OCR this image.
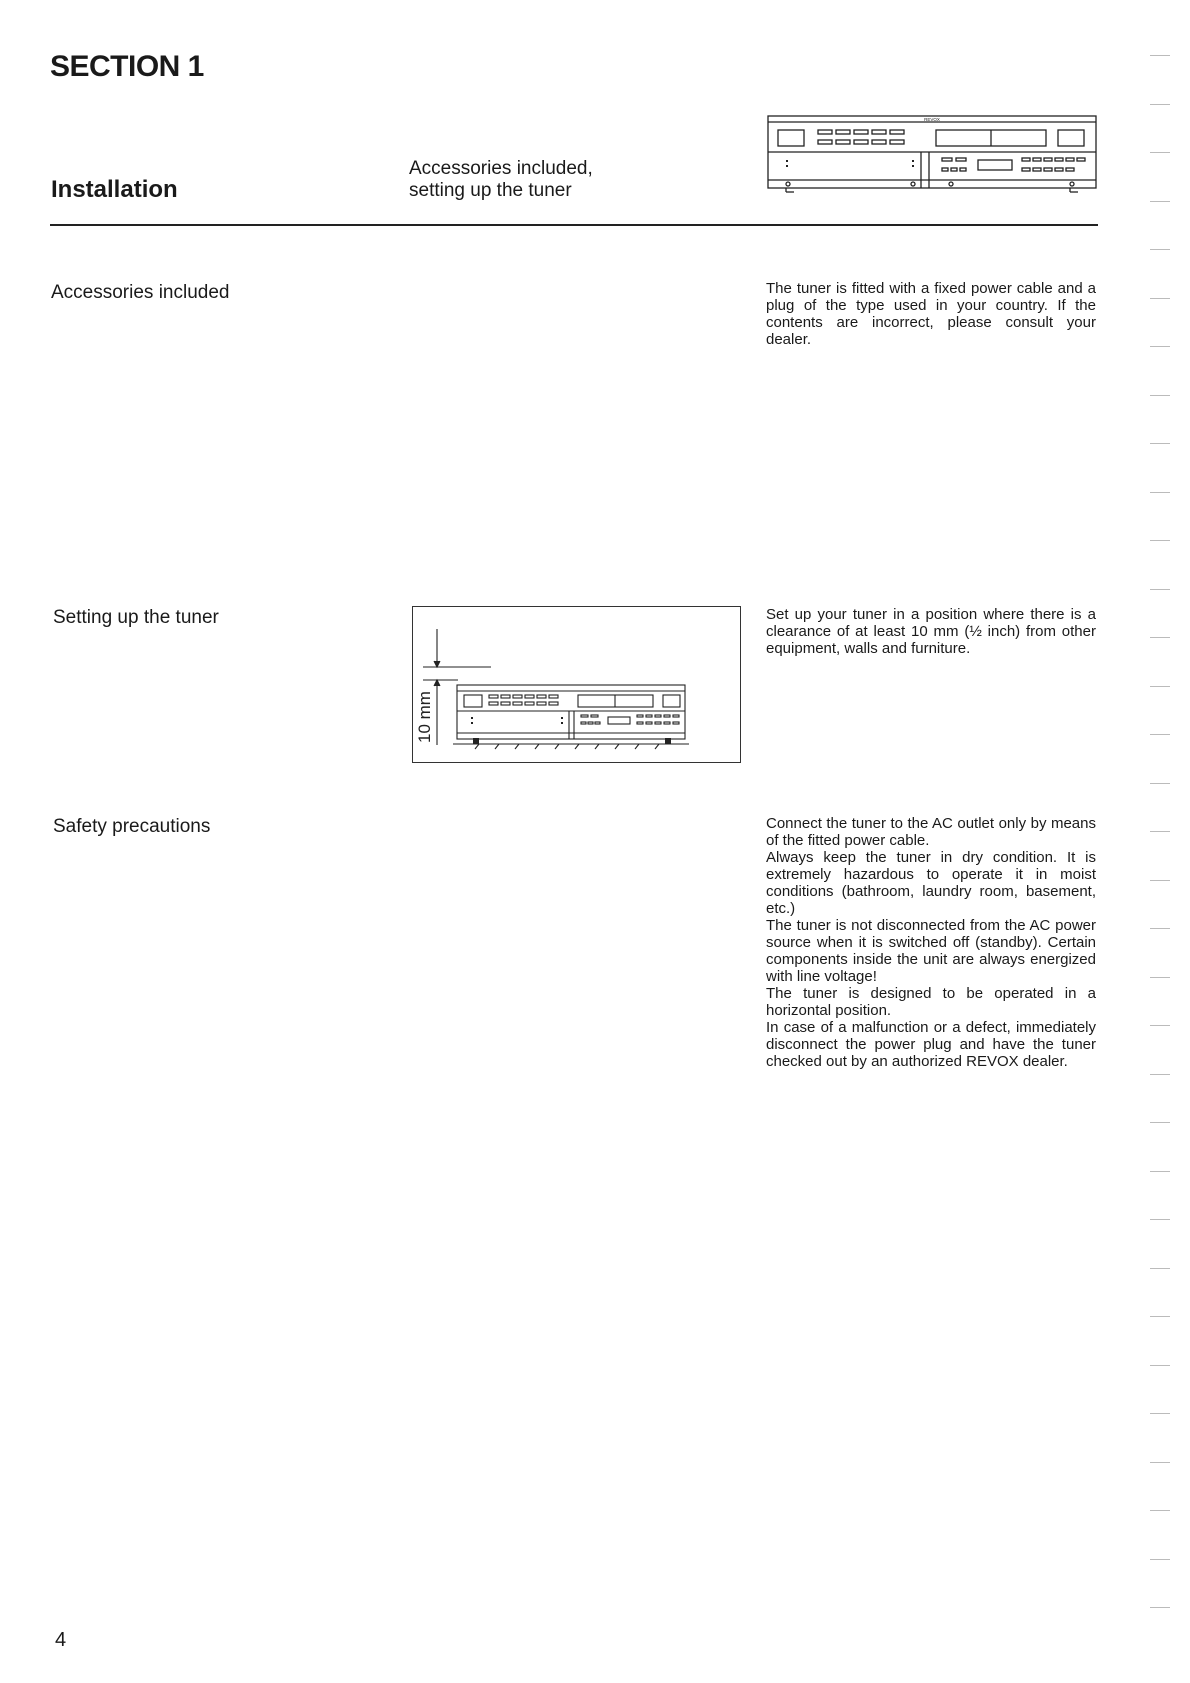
SECTION 1
Installation
Accessories included,
setting up the tuner
REVOX
Accessories included	The tuner is fitted with a fixed power cable and a plug of the type used in your country. If the contents are incorrect, please consult your dealer.

Setting up the tuner
10 mm

Set up your tuner in a position where there is a clearance of at least 10 mm (½ inch) from other equipment, walls and furniture.

Safety precautions	Connect the tuner to the AC outlet only by means of the fitted power cable.

Always keep the tuner in dry condition. It is extremely hazardous to operate it in moist conditions (bathroom, laundry room, basement, etc.)

The tuner is not disconnected from the AC power source when it is switched off (standby). Certain components inside the unit are always energized with line voltage!

The tuner is designed to be operated in a horizontal position.

In case of a malfunction or a defect, immediately disconnect the power plug and have the tuner checked out by an authorized REVOX dealer.

4
